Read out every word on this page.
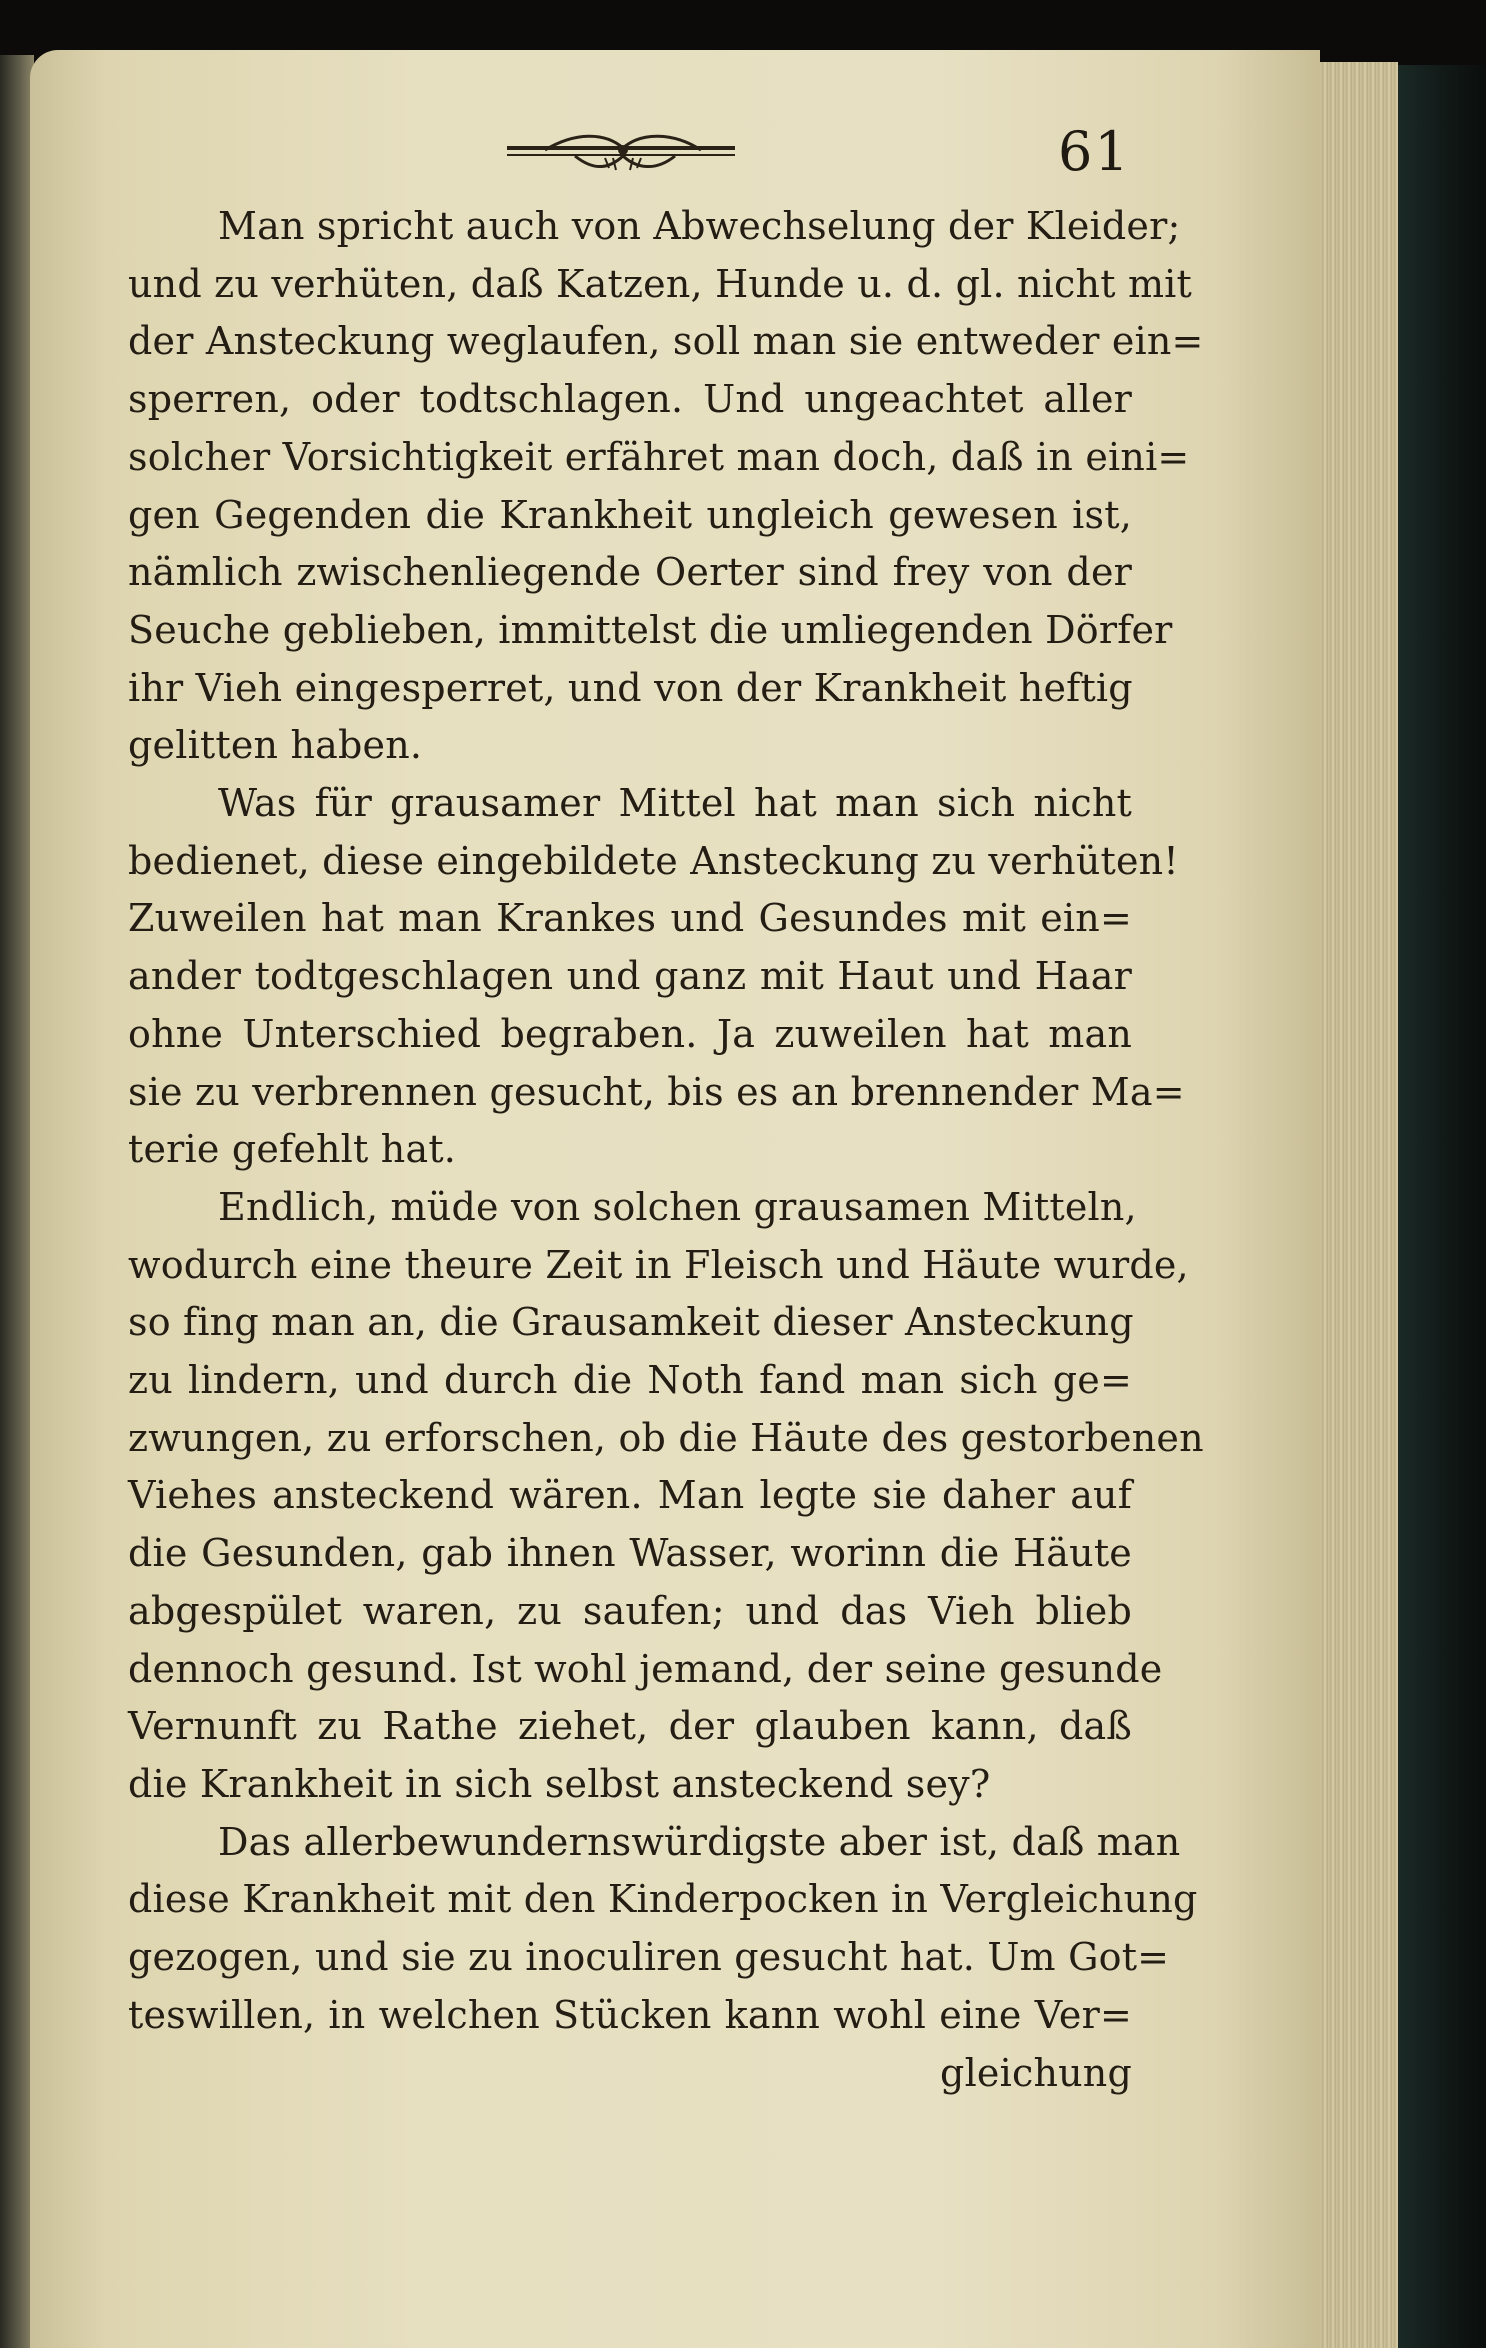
61
Man spricht auch von Abwechselung der Kleider;
und zu verhüten, daß Katzen, Hunde u. d. gl. nicht mit
der Ansteckung weglaufen, soll man sie entweder ein=
sperren, oder todtschlagen. Und ungeachtet aller
solcher Vorsichtigkeit erfähret man doch, daß in eini=
gen Gegenden die Krankheit ungleich gewesen ist,
nämlich zwischenliegende Oerter sind frey von der
Seuche geblieben, immittelst die umliegenden Dörfer
ihr Vieh eingesperret, und von der Krankheit heftig
gelitten haben.
Was für grausamer Mittel hat man sich nicht
bedienet, diese eingebildete Ansteckung zu verhüten!
Zuweilen hat man Krankes und Gesundes mit ein=
ander todtgeschlagen und ganz mit Haut und Haar
ohne Unterschied begraben. Ja zuweilen hat man
sie zu verbrennen gesucht, bis es an brennender Ma=
terie gefehlt hat.
Endlich, müde von solchen grausamen Mitteln,
wodurch eine theure Zeit in Fleisch und Häute wurde,
so fing man an, die Grausamkeit dieser Ansteckung
zu lindern, und durch die Noth fand man sich ge=
zwungen, zu erforschen, ob die Häute des gestorbenen
Viehes ansteckend wären. Man legte sie daher auf
die Gesunden, gab ihnen Wasser, worinn die Häute
abgespület waren, zu saufen; und das Vieh blieb
dennoch gesund. Ist wohl jemand, der seine gesunde
Vernunft zu Rathe ziehet, der glauben kann, daß
die Krankheit in sich selbst ansteckend sey?
Das allerbewundernswürdigste aber ist, daß man
diese Krankheit mit den Kinderpocken in Vergleichung
gezogen, und sie zu inoculiren gesucht hat. Um Got=
teswillen, in welchen Stücken kann wohl eine Ver=
gleichung
